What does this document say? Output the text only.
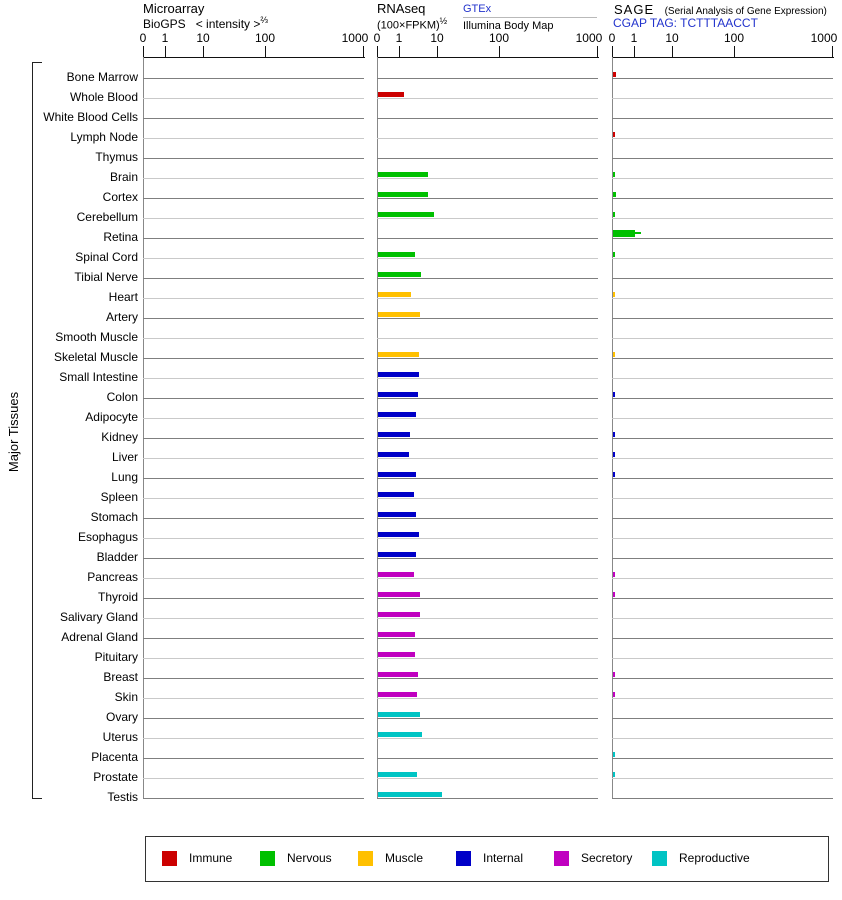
Major Tissues
Microarray
BioGPS < intensity >$^{\frac{2}{3}}$
RNAseq
(100×FPKM)$^{\frac{1}{2}}$
GTEx
Illumina Body Map
SAGE (Serial Analysis of Gene Expression)
CGAP TAG: TCTTTAACCT
0 1 10	100	1000 0 1 10	100	1000 0 1 10	100	1000
Bone Marrow
Whole Blood
White Blood Cells
Lymph Node
Thymus
Brain
Cortex
Cerebellum
Retina
Spinal Cord
Tibial Nerve
Heart
Artery
Smooth Muscle
Skeletal Muscle
Small Intestine
Colon
Adipocyte
Kidney
Liver
Lung
Spleen
Stomach
Esophagus
Bladder
Pancreas
Thyroid
Salivary Gland
Adrenal Gland
Pituitary
Breast
Skin
Ovary
Uterus
Placenta
Prostate
Testis
Immune	Nervous	Muscle	Internal	Secretory	Reproductive
